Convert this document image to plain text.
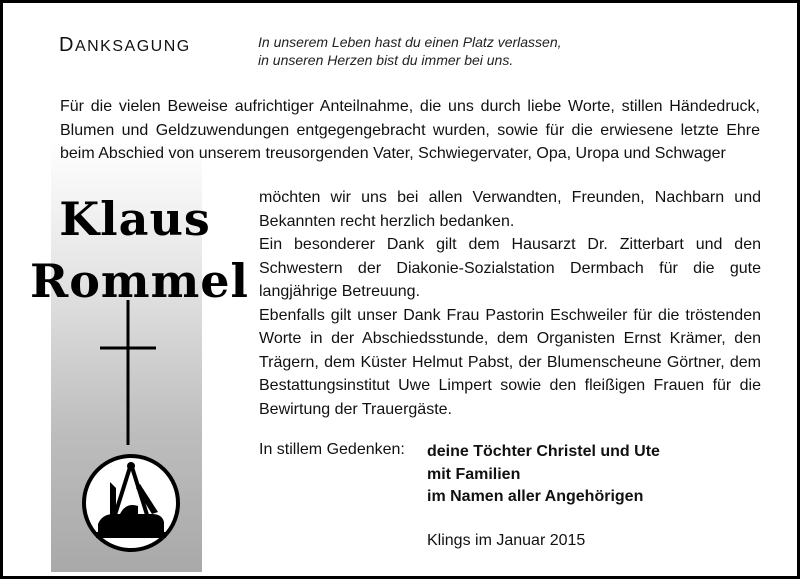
DANKSAGUNG	In unserem Leben hast du einen Platz verlassen,
in unseren Herzen bist du immer bei uns.

Für die vielen Beweise aufrichtiger Anteilnahme, die uns durch liebe Worte, stillen Händedruck, Blumen und Geldzuwendungen entgegengebracht wurden, sowie für die erwiesene letzte Ehre beim Abschied von unserem treusorgenden Vater, Schwiegervater, Opa, Uropa und Schwager

Klaus
Rommel

möchten wir uns bei allen Verwandten, Freunden, Nachbarn und Bekannten recht herzlich bedanken.

Ein besonderer Dank gilt dem Hausarzt Dr. Zitterbart und den Schwestern der Diakonie-Sozialstation Dermbach für die gute langjährige Betreuung.

Ebenfalls gilt unser Dank Frau Pastorin Eschweiler für die tröstenden Worte in der Abschiedsstunde, dem Organisten Ernst Krämer, den Trägern, dem Küster Helmut Pabst, der Blumenscheune Görtner, dem Bestattungsinstitut Uwe Limpert sowie den fleißigen Frauen für die Bewirtung der Trauergäste.

In stillem Gedenken: deine Töchter Christel und Ute
mit Familien
im Namen aller Angehörigen
Klings im Januar 2015
